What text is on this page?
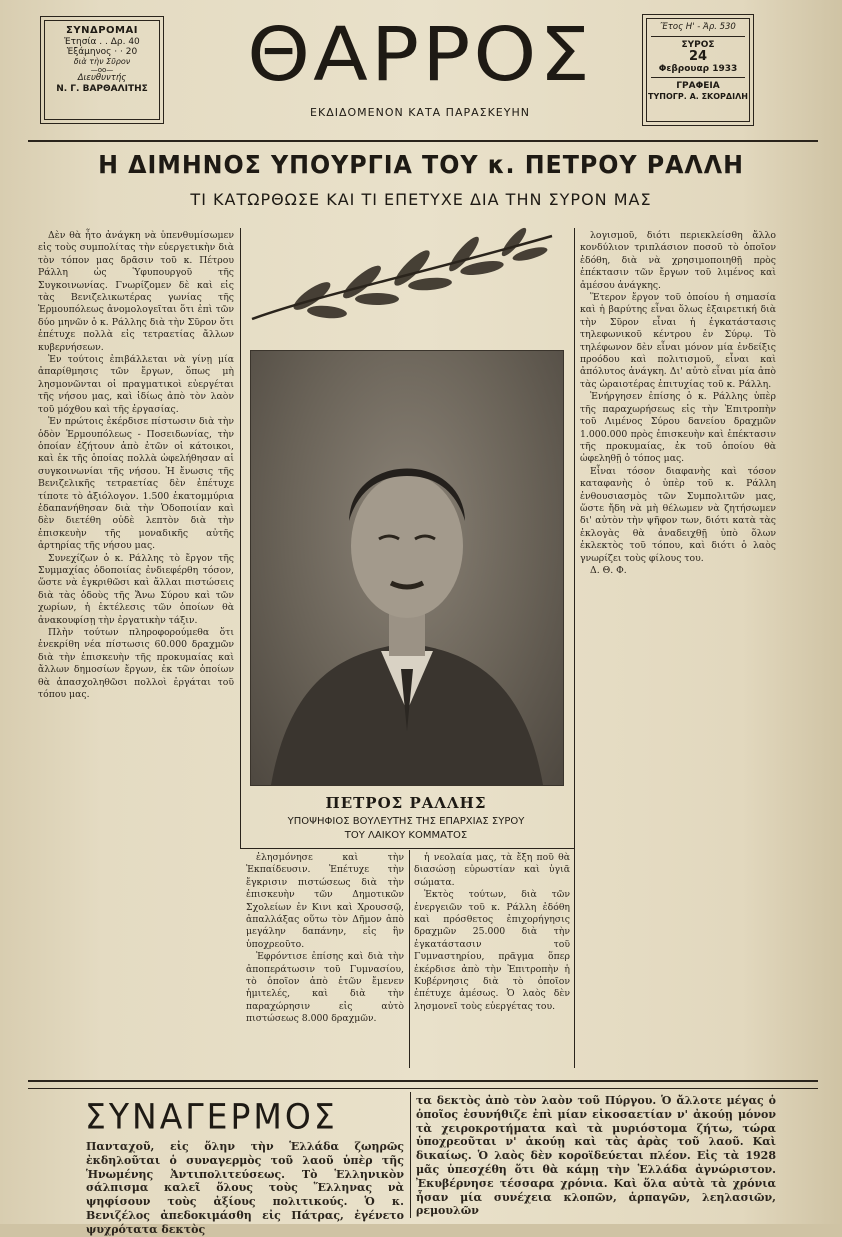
ΣΥΝΔΡΟΜΑΙ
Ἐτησία . . Δρ. 40
Ἑξάμηνος · · 20
διὰ τὴν Σῦρον
—oo—
Διευθυντής
Ν. Γ. ΒΑΡΘΑΛΙΤΗΣ	ΘΑΡΡΟΣ
ΕΚΔΙΔΟΜΕΝΟΝ ΚΑΤΑ ΠΑΡΑΣΚΕΥΗΝ
Ἔτος Η' - Ἀρ. 530
ΣΥΡΟΣ
24
Φεβρουαρ 1933
ΓΡΑΦΕΙΑ
ΤΥΠΟΓΡ. Α. ΣΚΟΡΔΙΛΗ
Η ΔΙΜΗΝΟΣ ΥΠΟΥΡΓΙΑ ΤΟΥ κ. ΠΕΤΡΟΥ ΡΑΛΛΗ
ΤΙ ΚΑΤΩΡΘΩΣΕ ΚΑΙ ΤΙ ΕΠΕΤΥΧΕ ΔΙΑ ΤΗΝ ΣΥΡΟΝ ΜΑΣ

Δὲν θὰ ἦτο ἀνάγκη νὰ ὑπενθυμίσωμεν εἰς τοὺς συμπολίτας τὴν εὐεργετικὴν διὰ τὸν τόπον μας δρᾶσιν τοῦ κ. Πέτρου Ράλλη ὡς Ὑφυπουργοῦ τῆς Συγκοινωνίας. Γνωρίζομεν δὲ καὶ εἰς τὰς Βενιζελικωτέρας γωνίας τῆς Ἑρμουπόλεως ἀνομολογεῖται ὅτι ἐπὶ τῶν δύο μηνῶν ὁ κ. Ράλλης διὰ τὴν Σῦρον ὅτι ἐπέτυχε πολλὰ εἰς τετραετίας ἄλλων κυβερνήσεων.

Ἐν τούτοις ἐπιβάλλεται νὰ γίνῃ μία ἀπαρίθμησις τῶν ἔργων, ὅπως μὴ λησμονῶνται οἱ πραγματικοὶ εὐεργέται τῆς νήσου μας, καὶ ἰδίως ἀπὸ τὸν λαὸν τοῦ μόχθου καὶ τῆς ἐργασίας.

Ἐν πρώτοις ἐκέρδισε πίστωσιν διὰ τὴν ὁδὸν Ἑρμουπόλεως - Ποσειδωνίας, τὴν ὁποίαν ἐζήτουν ἀπὸ ἐτῶν οἱ κάτοικοι, καὶ ἐκ τῆς ὁποίας πολλὰ ὠφελήθησαν αἱ συγκοινωνίαι τῆς νήσου. Ἡ ἔνωσις τῆς Βενιζελικῆς τετραετίας δὲν ἐπέτυχε τίποτε τὸ ἀξιόλογον. 1.500 ἐκατομμύρια ἐδαπανήθησαν διὰ τὴν Ὁδοποιίαν καὶ δὲν διετέθη οὐδὲ λεπτὸν διὰ τὴν ἐπισκευὴν τῆς μοναδικῆς αὐτῆς ἀρτηρίας τῆς νήσου μας.

Συνεχίζων ὁ κ. Ράλλης τὸ ἔργον τῆς Συμμαχίας ὁδοποιίας ἐνδιεφέρθη τόσον, ὥστε νὰ ἐγκριθῶσι καὶ ἄλλαι πιστώσεις διὰ τὰς ὁδοὺς τῆς Ἄνω Σύρου καὶ τῶν χωρίων, ἡ ἐκτέλεσις τῶν ὁποίων θὰ ἀνακουφίσῃ τὴν ἐργατικὴν τάξιν.

Πλὴν τούτων πληροφορούμεθα ὅτι ἐνεκρίθη νέα πίστωσις 60.000 δραχμῶν διὰ τὴν ἐπισκευὴν τῆς προκυμαίας καὶ ἄλλων δημοσίων ἔργων, ἐκ τῶν ὁποίων θὰ ἀπασχοληθῶσι πολλοὶ ἐργάται τοῦ τόπου μας.

ΠΕΤΡΟΣ ΡΑΛΛΗΣ
ΥΠΟΨΗΦΙΟΣ ΒΟΥΛΕΥΤΗΣ ΤΗΣ ΕΠΑΡΧΙΑΣ ΣΥΡΟΥ
ΤΟΥ ΛΑΙΚΟΥ ΚΟΜΜΑΤΟΣ

ἐλησμόνησε καὶ τὴν Ἐκπαίδευσιν. Ἐπέτυχε τὴν ἔγκρισιν πιστώσεως διὰ τὴν ἐπισκευὴν τῶν Δημοτικῶν Σχολείων ἐν Κινι καὶ Χρουσσῷ, ἀπαλλάξας οὕτω τὸν Δῆμον ἀπὸ μεγάλην δαπάνην, εἰς ἣν ὑποχρεοῦτο.

Ἐφρόντισε ἐπίσης καὶ διὰ τὴν ἀποπεράτωσιν τοῦ Γυμνασίου, τὸ ὁποῖον ἀπὸ ἐτῶν ἔμενεν ἡμιτελές, καὶ διὰ τὴν παραχώρησιν εἰς αὐτὸ πιστώσεως 8.000 δραχμῶν.

ἡ νεολαία μας, τὰ ἔξη ποῦ θὰ διασώσῃ εὐρωστίαν καὶ ὑγιᾶ σώματα.

Ἐκτὸς τούτων, διὰ τῶν ἐνεργειῶν τοῦ κ. Ράλλη ἐδόθη καὶ πρόσθετος ἐπιχορήγησις δραχμῶν 25.000 διὰ τὴν ἐγκατάστασιν τοῦ Γυμναστηρίου, πρᾶγμα ὅπερ ἐκέρδισε ἀπὸ τὴν Ἐπιτροπὴν ἡ Κυβέρνησις διὰ τὸ ὁποῖον ἐπέτυχε ἀμέσως. Ὁ λαὸς δὲν λησμονεῖ τοὺς εὐεργέτας του.

λογισμοῦ, διότι περιεκλείσθη ἄλλο κονδύλιον τριπλάσιον ποσοῦ τὸ ὁποῖον ἐδόθη, διὰ νὰ χρησιμοποιηθῇ πρὸς ἐπέκτασιν τῶν ἔργων τοῦ λιμένος καὶ ἀμέσου ἀνάγκης.

Ἕτερον ἔργον τοῦ ὁποίου ἡ σημασία καὶ ἡ βαρύτης εἶναι ὅλως ἐξαιρετική διὰ τὴν Σῦρον εἶναι ἡ ἐγκατάστασις τηλεφωνικοῦ κέντρου ἐν Σύρῳ. Τὸ τηλέφωνον δὲν εἶναι μόνον μία ἐνδείξις προόδου καὶ πολιτισμοῦ, εἶναι καὶ ἀπόλυτος ἀνάγκη. Δι' αὐτὸ εἶναι μία ἀπὸ τὰς ὡραιοτέρας ἐπιτυχίας τοῦ κ. Ράλλη.

Ἐνήργησεν ἐπίσης ὁ κ. Ράλλης ὑπὲρ τῆς παραχωρήσεως εἰς τὴν Ἐπιτροπὴν τοῦ Λιμένος Σύρου δανείου δραχμῶν 1.000.000 πρὸς ἐπισκευὴν καὶ ἐπέκτασιν τῆς προκυμαίας, ἐκ τοῦ ὁποίου θὰ ὠφεληθῇ ὁ τόπος μας.

Εἶναι τόσον διαφανὴς καὶ τόσον καταφανὴς ὁ ὑπὲρ τοῦ κ. Ράλλη ἐνθουσιασμὸς τῶν Συμπολιτῶν μας, ὥστε ἤδη νὰ μὴ θέλωμεν νὰ ζητήσωμεν δι' αὐτὸν τὴν ψῆφον των, διότι κατὰ τὰς ἐκλογὰς θὰ ἀναδειχθῇ ὑπὸ ὅλων ἐκλεκτὸς τοῦ τόπου, καὶ διότι ὁ λαὸς γνωρίζει τοὺς φίλους του.

Δ. Θ. Φ.

ΣΥΝΑΓΕΡΜΟΣ
Πανταχοῦ, εἰς ὅλην τὴν Ἑλλάδα ζωηρῶς ἐκδηλοῦται ὁ συναγερμὸς τοῦ λαοῦ ὑπὲρ τῆς Ἡνωμένης Ἀντιπολιτεύσεως. Τὸ Ἑλληνικὸν σάλπισμα καλεῖ ὅλους τοὺς Ἕλληνας νὰ ψηφίσουν τοὺς ἀξίους πολιτικούς. Ὁ κ. Βενιζέλος ἀπεδοκιμάσθη εἰς Πάτρας, ἐγένετο ψυχρότατα δεκτὸς
τα δεκτὸς ἀπὸ τὸν λαὸν τοῦ Πύργου. Ὁ ἄλλοτε μέγας ὁ ὁποῖος ἐσυνήθιζε ἐπὶ μίαν εἰκοσαετίαν ν' ἀκούῃ μόνον τὰ χειροκροτήματα καὶ τὰ μυριόστομα ζήτω, τώρα ὑποχρεοῦται ν' ἀκούῃ καὶ τὰς ἀρὰς τοῦ λαοῦ. Καὶ δικαίως. Ὁ λαὸς δὲν κοροϊδεύεται πλέον. Εἰς τὰ 1928 μᾶς ὑπεσχέθη ὅτι θὰ κάμῃ τὴν Ἑλλάδα ἀγνώριστον. Ἐκυβέρνησε τέσσαρα χρόνια. Καὶ ὅλα αὐτὰ τὰ χρόνια ἦσαν μία συνέχεια κλοπῶν, ἁρπαγῶν, λεηλασιῶν, ρεμουλῶν
